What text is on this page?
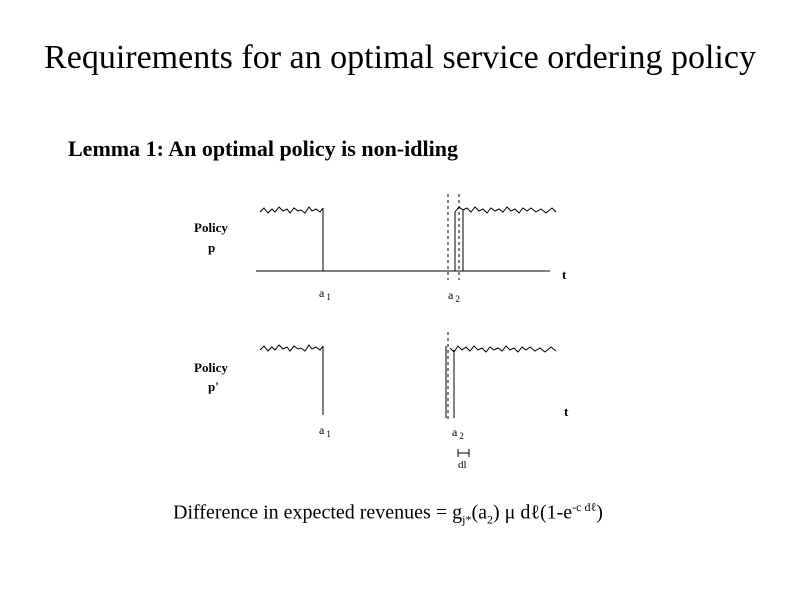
Requirements for an optimal service ordering policy
Lemma 1: An optimal policy is non-idling
Policy
p
t
a $_1$	a $_2$
Policy
p'
a $_1$
t
a $_2$
dl
Difference in expected revenues = $g_{j*}(a_2)$ μ $d\ell(1-e^{-c d\ell})$
